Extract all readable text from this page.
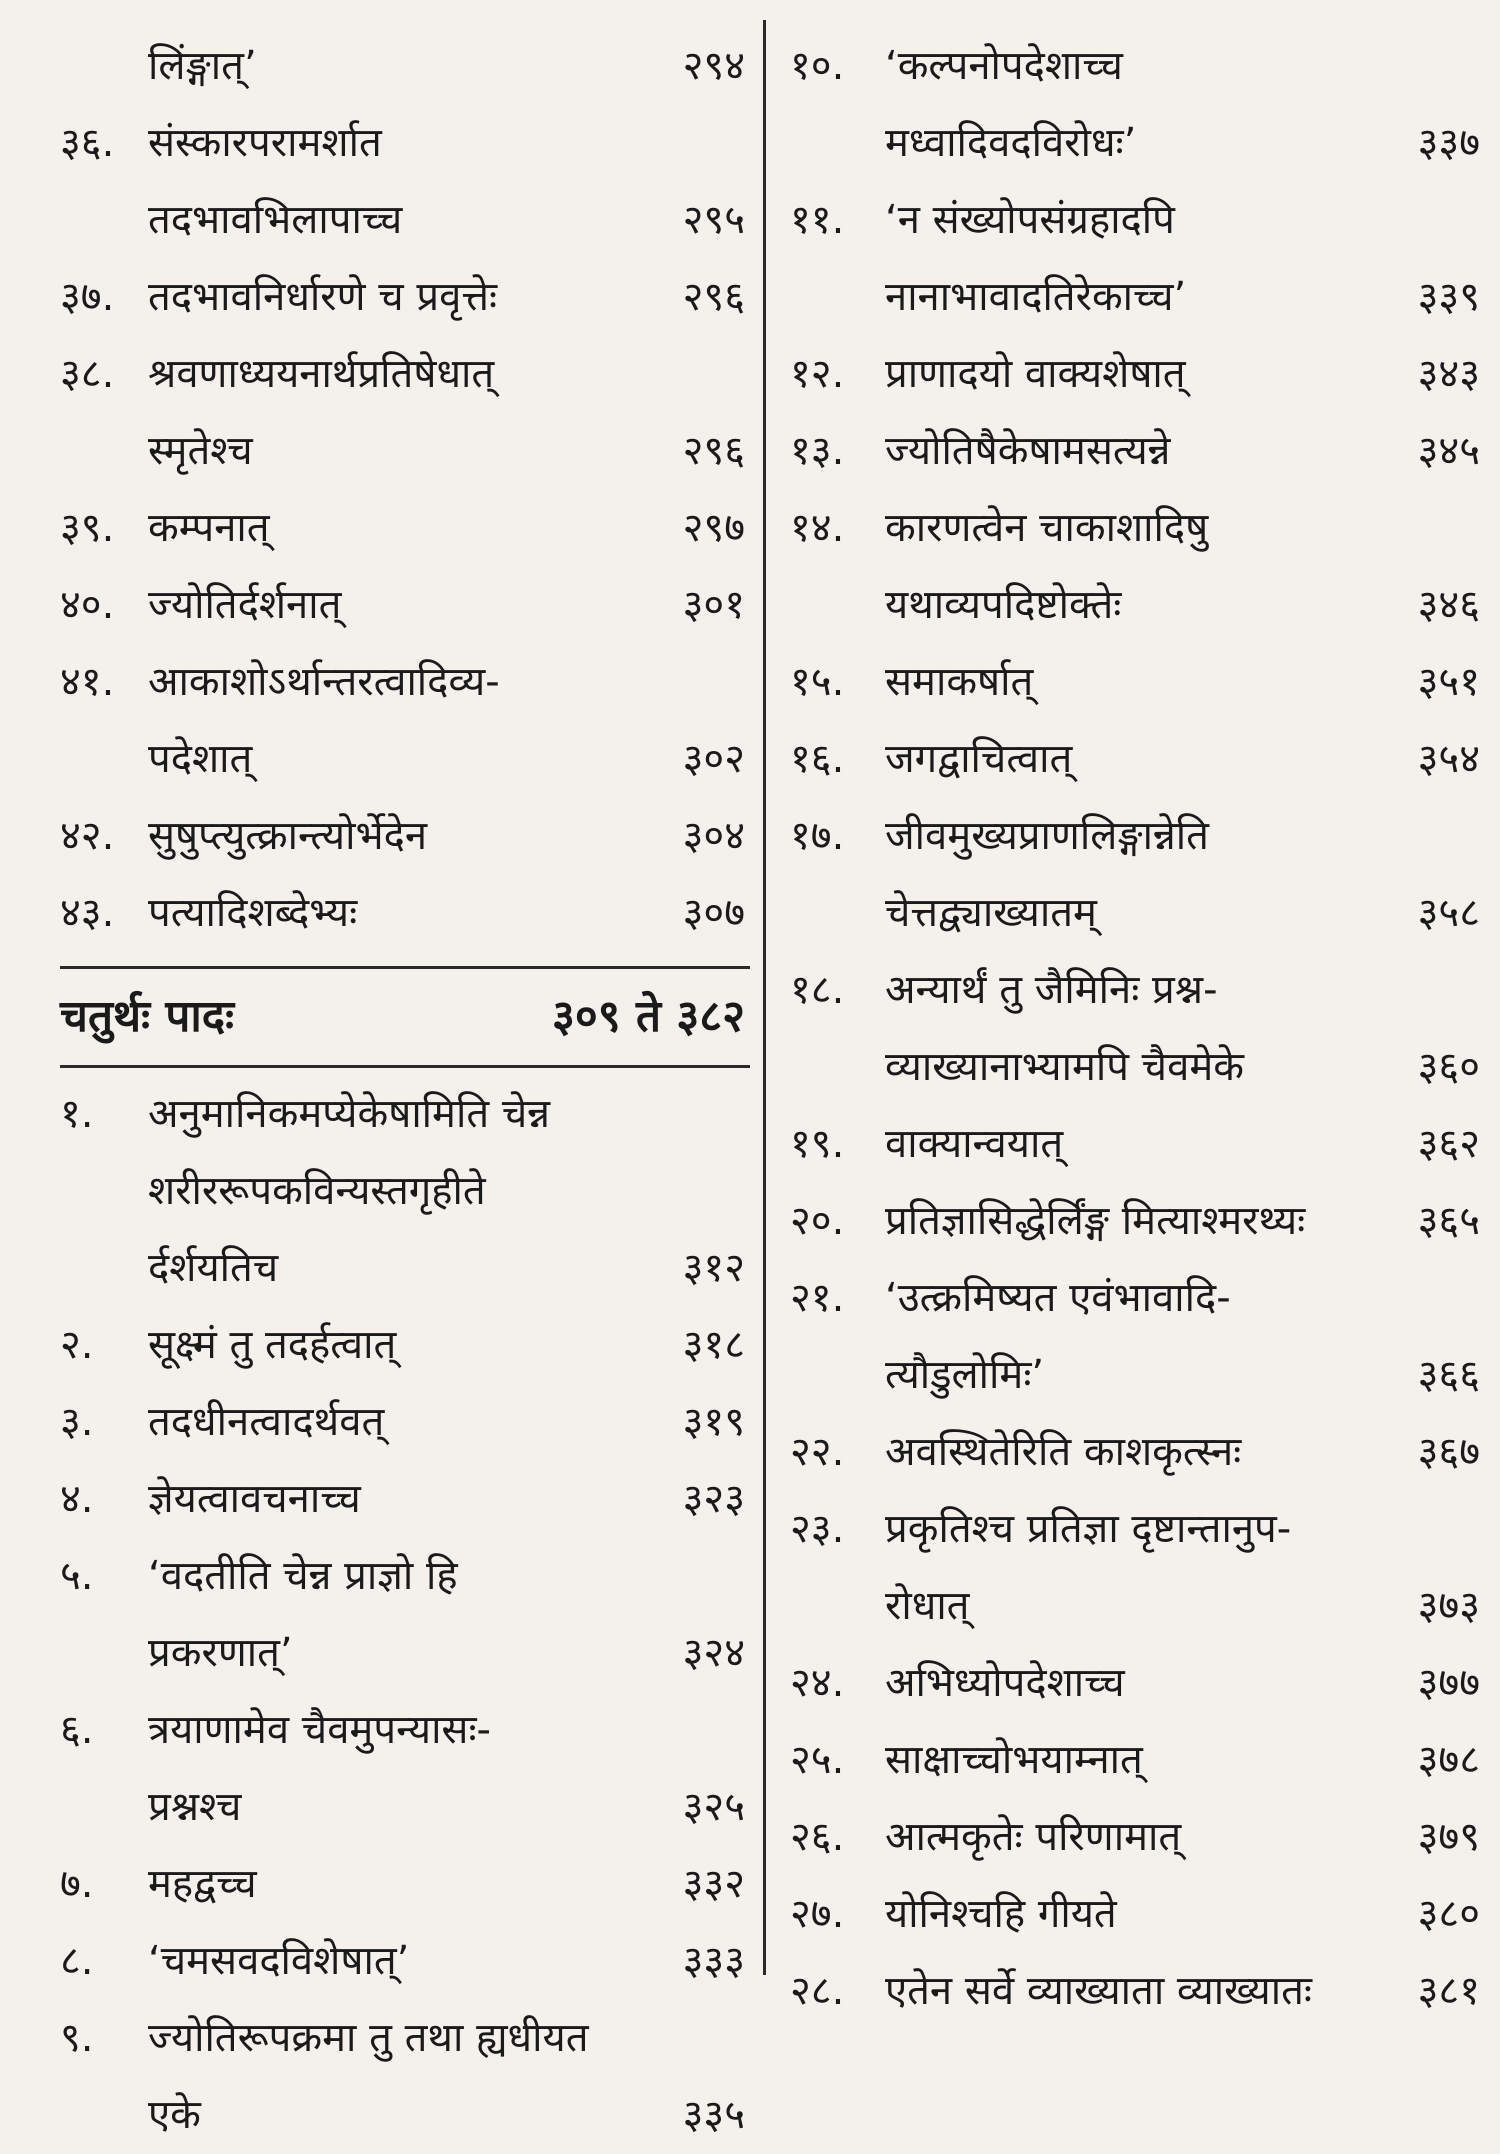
लिंङ्गात्’	२९४
३६. संस्कारपरामर्शात
तदभावभिलापाच्च	२९५
३७. तदभावनिर्धारणे च प्रवृत्तेः	२९६
३८. श्रवणाध्ययनार्थप्रतिषेधात्
स्मृतेश्च	२९६
३९. कम्पनात्	२९७
४०. ज्योतिर्दर्शनात्	३०१
४१. आकाशोऽर्थान्तरत्वादिव्य-
पदेशात्	३०२
४२. सुषुप्त्युत्क्रान्त्योर्भेदेन	३०४
४३. पत्यादिशब्देभ्यः	३०७
चतुर्थः पादः	३०९ ते ३८२
१. अनुमानिकमप्येकेषामिति चेन्न
शरीररूपकविन्यस्तगृहीते
र्दर्शयतिच	३१२
२. सूक्ष्मं तु तदर्हत्वात्	३१८
३. तदधीनत्वादर्थवत्	३१९
४. ज्ञेयत्वावचनाच्च	३२३
५. ‘वदतीति चेन्न प्राज्ञो हि
प्रकरणात्’	३२४
६. त्रयाणामेव चैवमुपन्यासः-
प्रश्नश्च	३२५
७. महद्वच्च	३३२
८. ‘चमसवदविशेषात्’	३३३
९. ज्योतिरूपक्रमा तु तथा ह्यधीयत
एके	३३५
१०. ‘कल्पनोपदेशाच्च
मध्वादिवदविरोधः’	३३७
११. ‘न संख्योपसंग्रहादपि
नानाभावादतिरेकाच्च’	३३९
१२. प्राणादयो वाक्यशेषात्	३४३
१३. ज्योतिषैकेषामसत्यन्ने	३४५
१४. कारणत्वेन चाकाशादिषु
यथाव्यपदिष्टोक्तेः	३४६
१५. समाकर्षात्	३५१
१६. जगद्वाचित्वात्	३५४
१७. जीवमुख्यप्राणलिङ्गान्नेति
चेत्तद्व्याख्यातम्	३५८
१८. अन्यार्थं तु जैमिनिः प्रश्न-
व्याख्यानाभ्यामपि चैवमेके	३६०
१९. वाक्यान्वयात्	३६२
२०. प्रतिज्ञासिद्धेर्लिंङ्ग मित्याश्मरथ्यः	३६५
२१. ‘उत्क्रमिष्यत एवंभावादि-
त्यौडुलोमिः’	३६६
२२. अवस्थितेरिति काशकृत्स्नः	३६७
२३. प्रकृतिश्च प्रतिज्ञा दृष्टान्तानुप-
रोधात्	३७३
२४. अभिध्योपदेशाच्च	३७७
२५. साक्षाच्चोभयाम्नात्	३७८
२६. आत्मकृतेः परिणामात्	३७९
२७. योनिश्चहि गीयते	३८०
२८. एतेन सर्वे व्याख्याता व्याख्यातः	३८१
